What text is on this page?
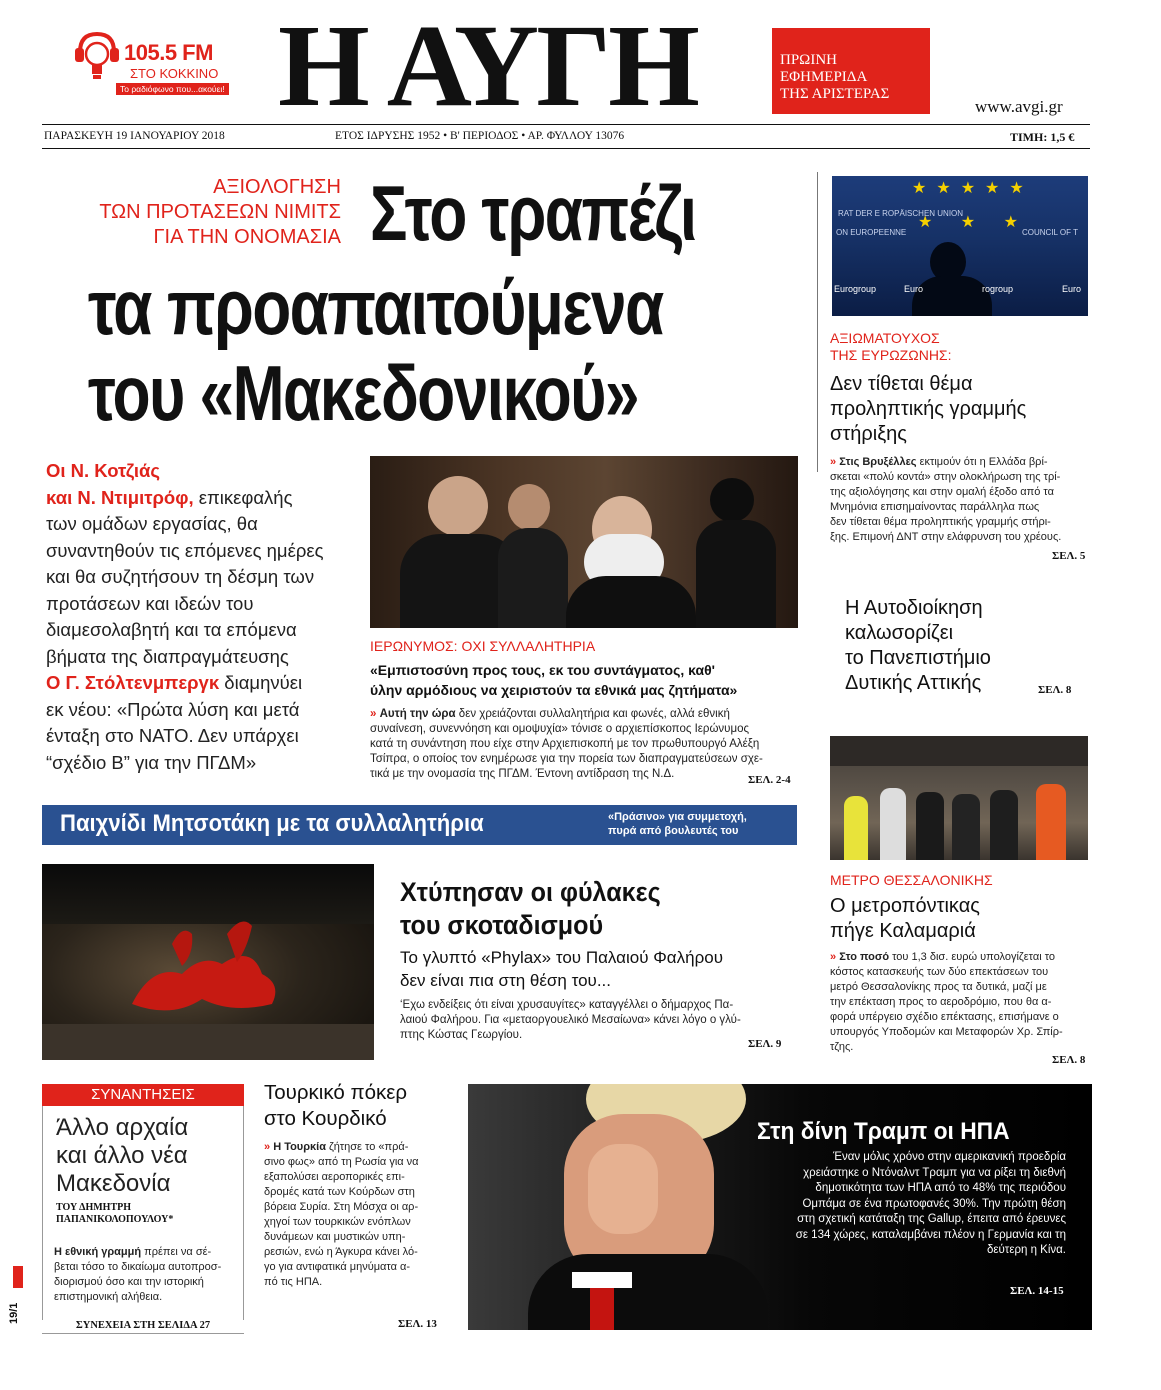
105.5 FM
ΣΤΟ ΚΟΚΚΙΝΟ
Το ραδιόφωνο που...ακούει! Η ΑΥΓΗ	ΠΡΩΙΝΗ
ΕΦΗΜΕΡΙΔΑ
ΤΗΣ ΑΡΙΣΤΕΡΑΣ
www.avgi.gr
ΠΑΡΑΣΚΕΥΗ 19 ΙΑΝΟΥΑΡΙΟΥ 2018	ΕΤΟΣ ΙΔΡΥΣΗΣ 1952 • Β' ΠΕΡΙΟΔΟΣ • ΑΡ. ΦΥΛΛΟΥ 13076	ΤΙΜΗ: 1,5 €
ΑΞΙΟΛΟΓΗΣΗ
ΤΩΝ ΠΡΟΤΑΣΕΩΝ ΝΙΜΙΤΣ
ΓΙΑ ΤΗΝ ΟΝΟΜΑΣΙΑ Στο τραπέζι
τα προαπαιτούμενα
του «Μακεδονικού»
Οι Ν. Κοτζιάς
και Ν. Ντιμιτρόφ, επικεφαλής
των ομάδων εργασίας, θα
συναντηθούν τις επόμενες ημέρες
και θα συζητήσουν τη δέσμη των
προτάσεων και ιδεών του
διαμεσολαβητή και τα επόμενα
βήματα της διαπραγμάτευσης
Ο Γ. Στόλτενμπεργκ διαμηνύει
εκ νέου: «Πρώτα λύση και μετά
ένταξη στο ΝΑΤΟ. Δεν υπάρχει
“σχέδιο Β” για την ΠΓΔΜ»
ΙΕΡΩΝΥΜΟΣ: ΟΧΙ ΣΥΛΛΑΛΗΤΗΡΙΑ
«Εμπιστοσύνη προς τους, εκ του συντάγματος, καθ'
ύλην αρμόδιους να χειριστούν τα εθνικά μας ζητήματα»
» Αυτή την ώρα δεν χρειάζονται συλλαλητήρια και φωνές, αλλά εθνική
συναίνεση, συνεννόηση και ομοψυχία» τόνισε ο αρχιεπίσκοπος Ιερώνυμος
κατά τη συνάντηση που είχε στην Αρχιεπισκοπή με τον πρωθυπουργό Αλέξη
Τσίπρα, ο οποίος τον ενημέρωσε για την πορεία των διαπραγματεύσεων σχε-
τικά με την ονομασία της ΠΓΔΜ. Έντονη αντίδραση της Ν.Δ.	ΣΕΛ. 2-4
★★★★★
★ ★ ★
RAT DER E ROPÄISCHEN UNION
ON EUROPEENNE	COUNCIL OF T
Eurogroup	Euro	rogroup	Euro
ΑΞΙΩΜΑΤΟΥΧΟΣ
ΤΗΣ ΕΥΡΩΖΩΝΗΣ:
Δεν τίθεται θέμα
προληπτικής γραμμής
στήριξης
» Στις Βρυξέλλες εκτιμούν ότι η Ελλάδα βρί-
σκεται «πολύ κοντά» στην ολοκλήρωση της τρί-
της αξιολόγησης και στην ομαλή έξοδο από τα
Μνημόνια επισημαίνοντας παράλληλα πως
δεν τίθεται θέμα προληπτικής γραμμής στήρι-
ξης. Επιμονή ΔΝΤ στην ελάφρυνση του χρέους.
ΣΕΛ. 5
Η Αυτοδιοίκηση
καλωσορίζει
το Πανεπιστήμιο
Δυτικής Αττικής	ΣΕΛ. 8
ΜΕΤΡΟ ΘΕΣΣΑΛΟΝΙΚΗΣ
Ο μετροπόντικας
πήγε Καλαμαριά
» Στο ποσό του 1,3 δισ. ευρώ υπολογίζεται το
κόστος κατασκευής των δύο επεκτάσεων του
μετρό Θεσσαλονίκης προς τα δυτικά, μαζί με
την επέκταση προς το αεροδρόμιο, που θα α-
φορά υπέργειο σχέδιο επέκτασης, επισήμανε ο
υπουργός Υποδομών και Μεταφορών Χρ. Σπίρ-
τζης.
ΣΕΛ. 8
Παιχνίδι Μητσοτάκη με τα συλλαλητήρια	«Πράσινο» για συμμετοχή,
πυρά από βουλευτές του
Χτύπησαν οι φύλακες
του σκοταδισμού
Το γλυπτό «Phylax» του Παλαιού Φαλήρου
δεν είναι πια στη θέση του...
‘Εχω ενδείξεις ότι είναι χρυσαυγίτες» καταγγέλλει ο δήμαρχος Πα-
λαιού Φαλήρου. Για «μεταοργουελικό Μεσαίωνα» κάνει λόγο ο γλύ-
πτης Κώστας Γεωργίου.
ΣΕΛ. 9
ΣΥΝΑΝΤΗΣΕΙΣ
Άλλο αρχαία
και άλλο νέα
Μακεδονία
ΤΟΥ ΔΗΜΗΤΡΗ
ΠΑΠΑΝΙΚΟΛΟΠΟΥΛΟΥ*
Η εθνική γραμμή πρέπει να σέ-
βεται τόσο τo δικαίωμα αυτοπροσ-
διορισμού όσο και την ιστορική
επιστημονική αλήθεια.
ΣΥΝΕΧΕΙΑ ΣΤΗ ΣΕΛΙΔΑ 27
19/1
Τουρκικό πόκερ
στο Κουρδικό
» Η Τουρκία ζήτησε το «πρά-
σινο φως» από τη Ρωσία για να
εξαπολύσει αεροπορικές επι-
δρομές κατά των Κούρδων στη
βόρεια Συρία. Στη Μόσχα οι αρ-
χηγοί των τουρκικών ενόπλων
δυνάμεων και μυστικών υπη-
ρεσιών, ενώ η Άγκυρα κάνει λό-
γο για αντιφατικά μηνύματα α-
πό τις ΗΠΑ.
ΣΕΛ. 13
Στη δίνη Τραμπ οι ΗΠΑ
Έναν μόλις χρόνο στην αμερικανική προεδρία
χρειάστηκε ο Ντόναλντ Τραμπ για να ρίξει τη διεθνή
δημοτικότητα των ΗΠΑ από το 48% της περιόδου
Ομπάμα σε ένα πρωτοφανές 30%. Την πρώτη θέση
στη σχετική κατάταξη της Gallup, έπειτα από έρευνες
σε 134 χώρες, καταλαμβάνει πλέον η Γερμανία και τη
δεύτερη η Κίνα.
ΣΕΛ. 14-15
